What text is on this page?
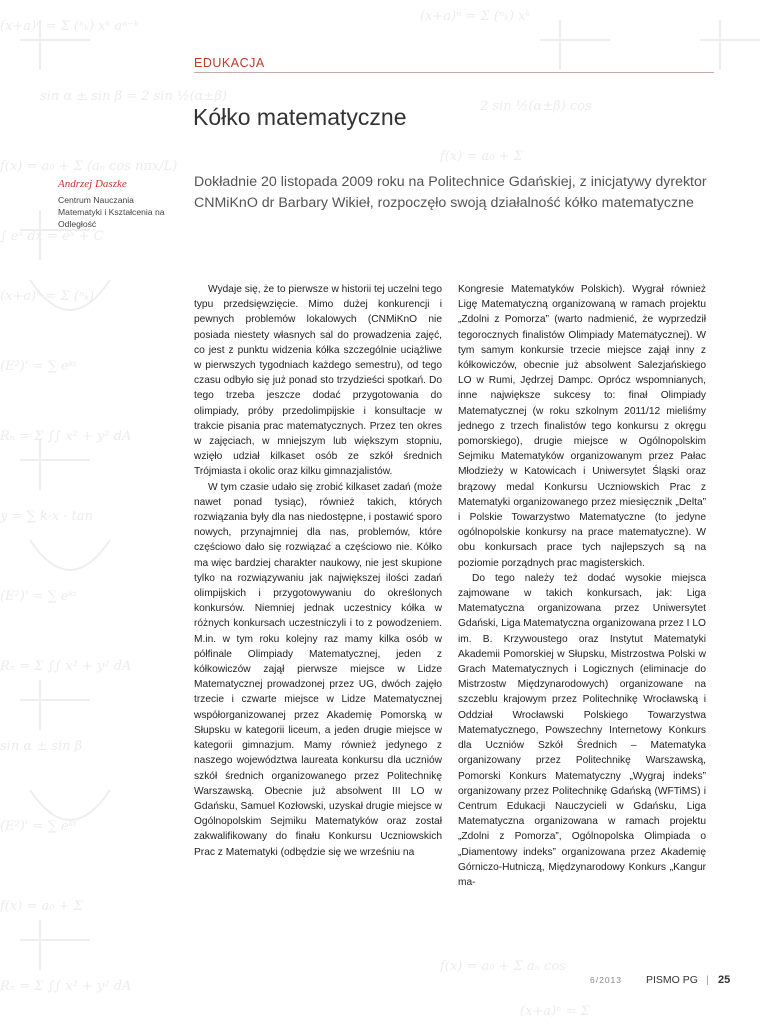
(x+a)ⁿ = Σ (ⁿₖ) xᵏ aⁿ⁻ᵏ
(x+a)ⁿ = Σ (ⁿₖ) xᵏ
sin α ± sin β = 2 sin ½(α±β)
2 sin ½(α±β) cos
f(x) = a₀ + Σ (aₙ cos nπx/L)
f(x) = a₀ + Σ
∫ eˣ dx = eˣ + C
(x+a)ⁿ = Σ (ⁿₖ)
(E²)' = ∑ eᵏᵗ
Rₙ = Σ ∫∫ x² + y² dA
y = ∑ k·x · tan
(E²)' = ∑ eᵏᵗ
Rₙ = Σ ∫∫ x² + y² dA
sin α ± sin β
(E²)' = ∑ eᵏᵗ
f(x) = a₀ + Σ
Rₙ = Σ ∫∫ x² + y² dA
f(x) = a₀ + Σ aₙ cos
(x+a)ⁿ = Σ
EDUKACJA
Kółko matematyczne
Andrzej Daszke
Centrum Nauczania Matematyki i Kształcenia na Odległość
Dokładnie 20 listopada 2009 roku na Politechnice Gdańskiej, z inicjatywy dyrektor CNMiKnO dr Barbary Wikieł, rozpoczęło swoją działalność kółko matematyczne

Wydaje się, że to pierwsze w historii tej uczelni tego typu przedsięwzięcie. Mimo dużej konkurencji i pewnych problemów lokalowych (CNMiKnO nie posiada niestety własnych sal do prowadzenia zajęć, co jest z punktu widzenia kółka szczególnie uciążliwe w pierwszych tygodniach każdego semestru), od tego czasu odbyło się już ponad sto trzydzieści spotkań. Do tego trzeba jeszcze dodać przygotowania do olimpiady, próby przedolimpijskie i konsultacje w trakcie pisania prac matematycznych. Przez ten okres w zajęciach, w mniejszym lub większym stopniu, wzięło udział kilkaset osób ze szkół średnich Trójmiasta i okolic oraz kilku gimnazjalistów.

W tym czasie udało się zrobić kilkaset zadań (może nawet ponad tysiąc), również takich, których rozwiązania były dla nas niedostępne, i postawić sporo nowych, przynajmniej dla nas, problemów, które częściowo dało się rozwiązać a częściowo nie. Kółko ma więc bardziej charakter naukowy, nie jest skupione tylko na rozwiązywaniu jak największej ilości zadań olimpijskich i przygotowywaniu do określonych konkursów. Niemniej jednak uczestnicy kółka w różnych konkursach uczestniczyli i to z powodzeniem. M.in. w tym roku kolejny raz mamy kilka osób w półfinale Olimpiady Matematycznej, jeden z kółkowiczów zajął pierwsze miejsce w Lidze Matematycznej prowadzonej przez UG, dwóch zajęło trzecie i czwarte miejsce w Lidze Matematycznej współorganizowanej przez Akademię Pomorską w Słupsku w kategorii liceum, a jeden drugie miejsce w kategorii gimnazjum. Mamy również jedynego z naszego województwa laureata konkursu dla uczniów szkół średnich organizowanego przez Politechnikę Warszawską. Obecnie już absolwent III LO w Gdańsku, Samuel Kozłowski, uzyskał drugie miejsce w Ogólnopolskim Sejmiku Matematyków oraz został zakwalifikowany do finału Konkursu Uczniowskich Prac z Matematyki (odbędzie się we wrześniu na

Kongresie Matematyków Polskich). Wygrał również Ligę Matematyczną organizowaną w ramach projektu „Zdolni z Pomorza” (warto nadmienić, że wyprzedził tegorocznych finalistów Olimpiady Matematycznej). W tym samym konkursie trzecie miejsce zajął inny z kółkowiczów, obecnie już absolwent Salezjańskiego LO w Rumi, Jędrzej Dampc. Oprócz wspomnianych, inne największe sukcesy to: finał Olimpiady Matematycznej (w roku szkolnym 2011/12 mieliśmy jednego z trzech finalistów tego konkursu z okręgu pomorskiego), drugie miejsce w Ogólnopolskim Sejmiku Matematyków organizowanym przez Pałac Młodzieży w Katowicach i Uniwersytet Śląski oraz brązowy medal Konkursu Uczniowskich Prac z Matematyki organizowanego przez miesięcznik „Delta” i Polskie Towarzystwo Matematyczne (to jedyne ogólnopolskie konkursy na prace matematyczne). W obu konkursach prace tych najlepszych są na poziomie porządnych prac magisterskich.

Do tego należy też dodać wysokie miejsca zajmowane w takich konkursach, jak: Liga Matematyczna organizowana przez Uniwersytet Gdański, Liga Matematyczna organizowana przez I LO im. B. Krzywoustego oraz Instytut Matematyki Akademii Pomorskiej w Słupsku, Mistrzostwa Polski w Grach Matematycznych i Logicznych (eliminacje do Mistrzostw Międzynarodowych) organizowane na szczeblu krajowym przez Politechnikę Wrocławską i Oddział Wrocławski Polskiego Towarzystwa Matematycznego, Powszechny Internetowy Konkurs dla Uczniów Szkół Średnich – Matematyka organizowany przez Politechnikę Warszawską, Pomorski Konkurs Matematyczny „Wygraj indeks” organizowany przez Politechnikę Gdańską (WFTiMS) i Centrum Edukacji Nauczycieli w Gdańsku, Liga Matematyczna organizowana w ramach projektu „Zdolni z Pomorza”, Ogólnopolska Olimpiada o „Diamentowy indeks” organizowana przez Akademię Górniczo-Hutniczą, Międzynarodowy Konkurs „Kangur ma-

6/2013 PISMO PG | 25
